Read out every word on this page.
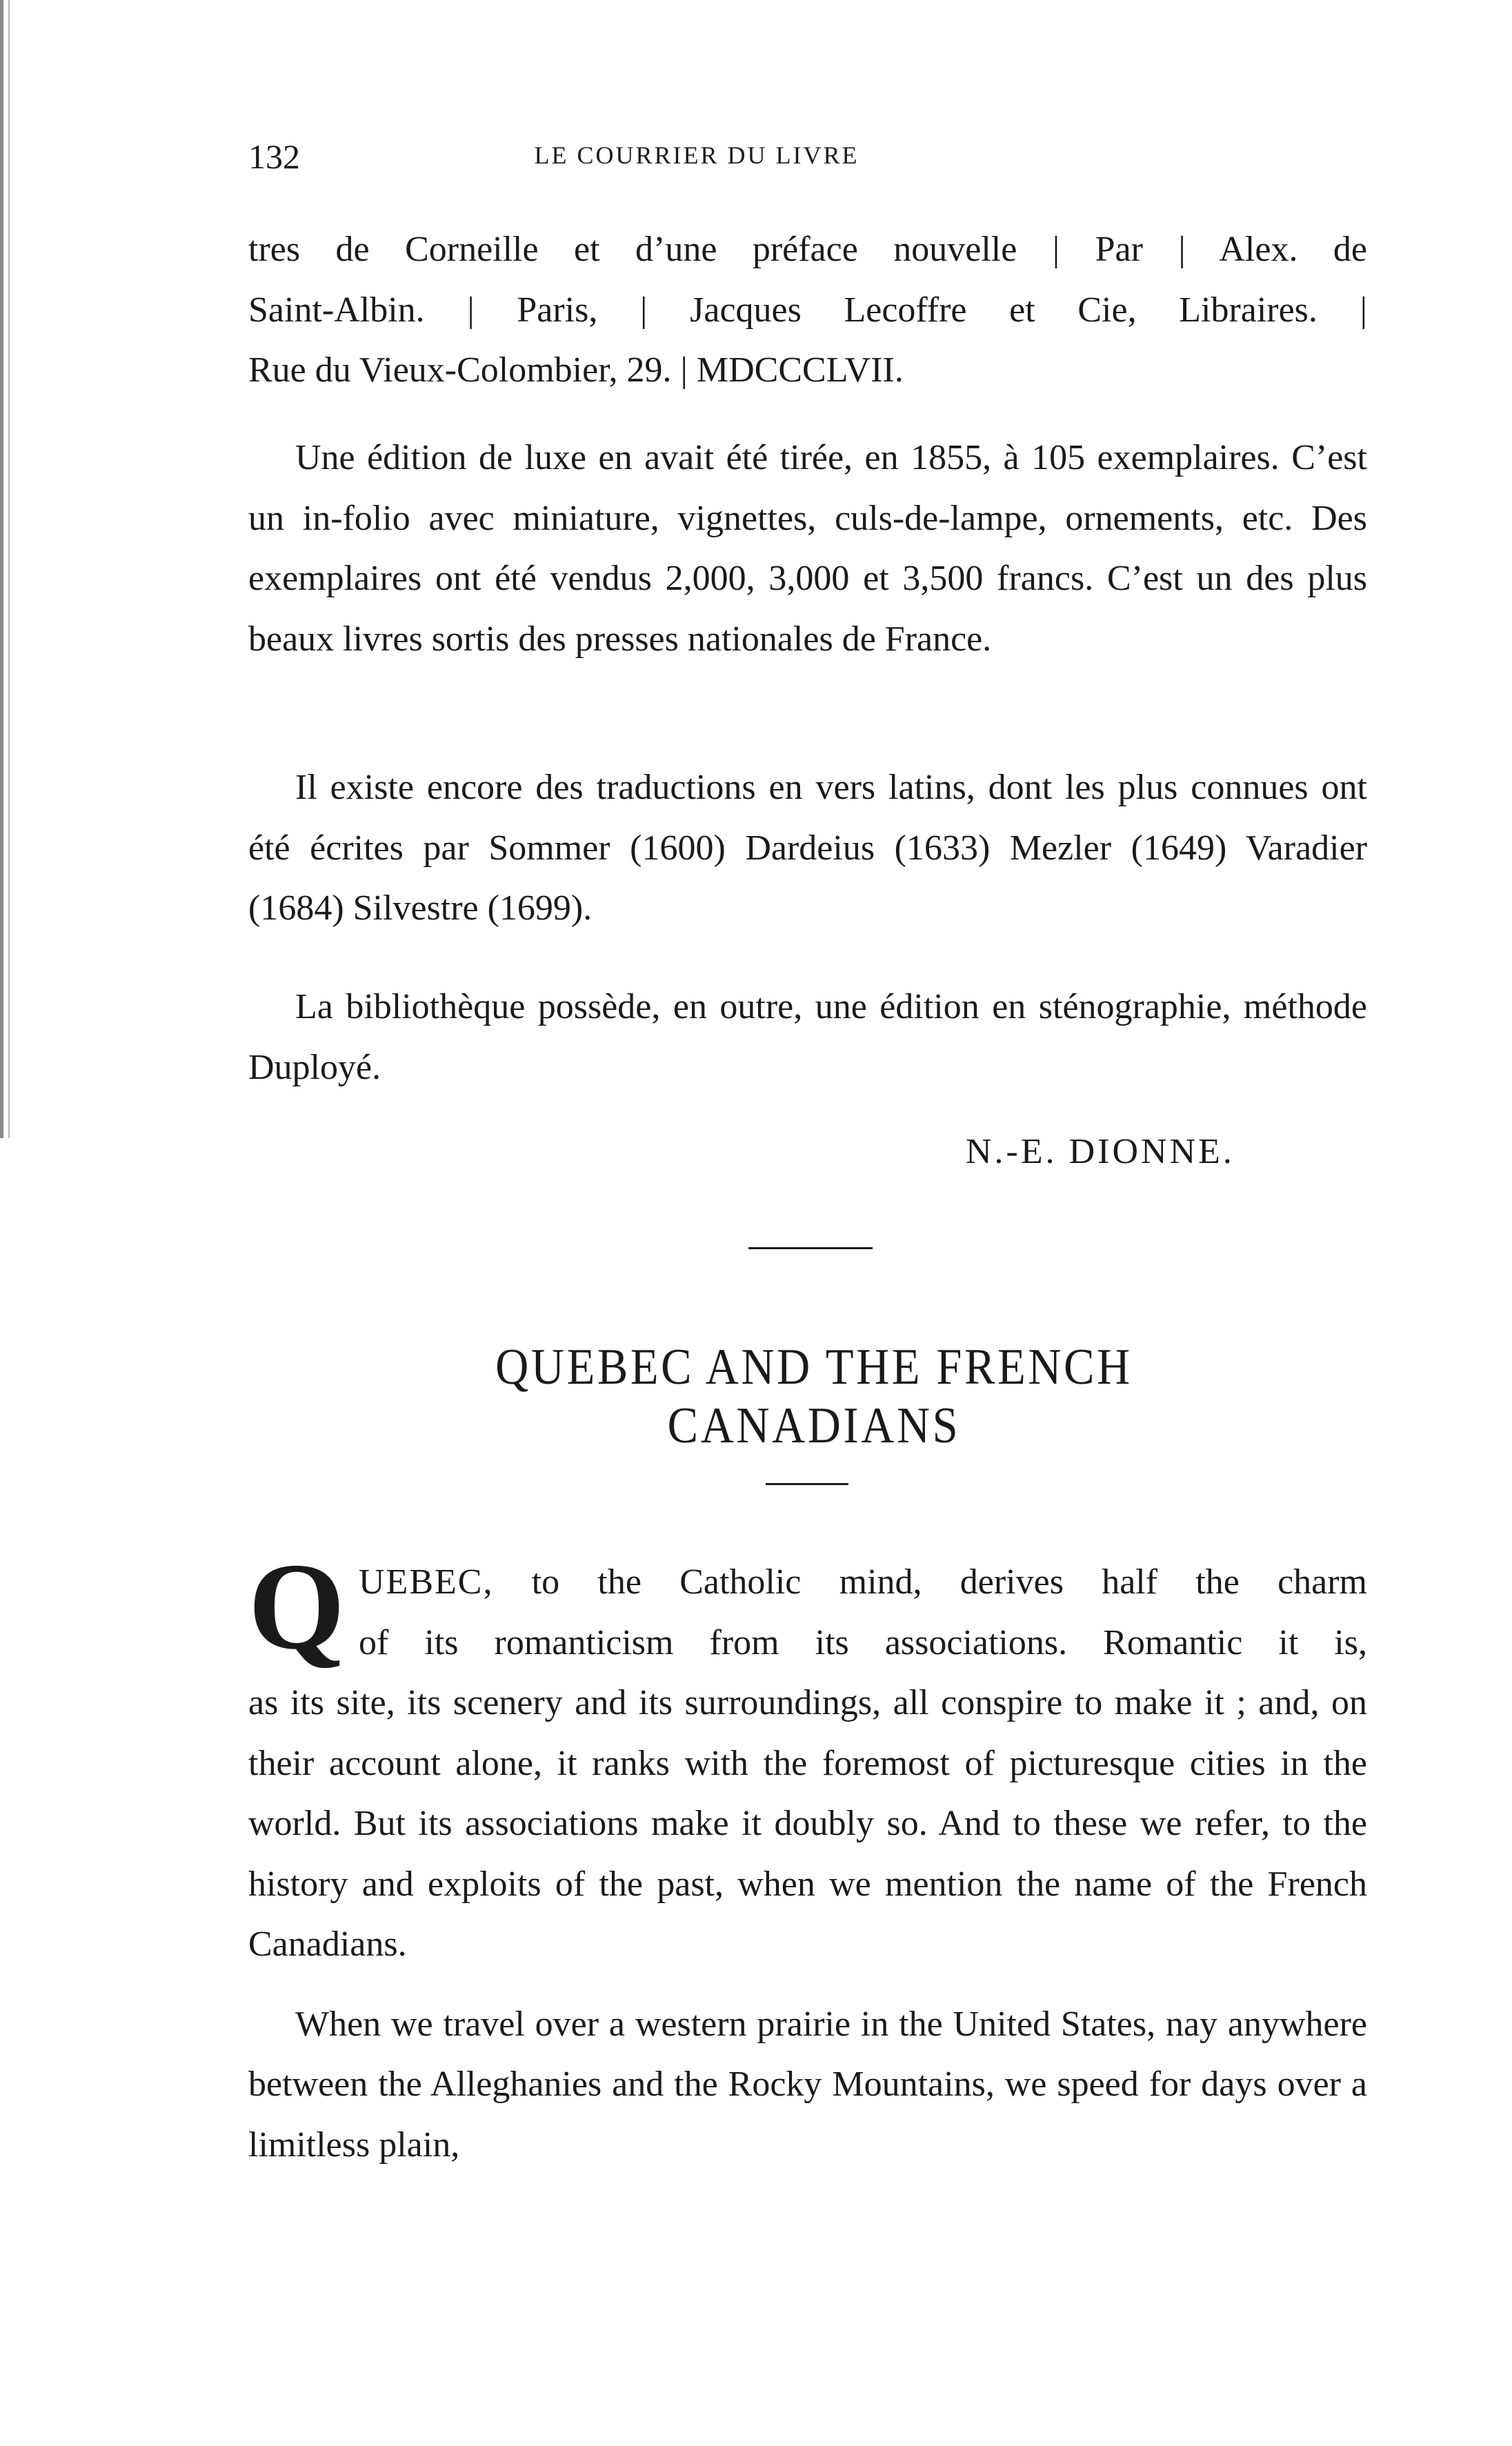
132	LE COURRIER DU LIVRE
tres de Corneille et d’une préface nouvelle | Par | Alex. de
Saint-Albin. | Paris, | Jacques Lecoffre et Cie, Libraires. |
Rue du Vieux-Colombier, 29. | MDCCCLVII.

Une édition de luxe en avait été tirée, en 1855, à 105 exemplaires. C’est un in-folio avec miniature, vignettes, culs-de-lampe, ornements, etc. Des exemplaires ont été vendus 2,000, 3,000 et 3,500 francs. C’est un des plus beaux livres sortis des presses nationales de France.

Il existe encore des traductions en vers latins, dont les plus connues ont été écrites par Sommer (1600) Dardeius (1633) Mezler (1649) Varadier (1684) Silvestre (1699).

La bibliothèque possède, en outre, une édition en sténographie, méthode Duployé.

N.-E. DIONNE.
QUEBEC AND THE FRENCH CANADIANS
Q UEBEC, to the Catholic mind, derives half the charm
of its romanticism from its associations. Romantic it is,

as its site, its scenery and its surroundings, all conspire to make it ; and, on their account alone, it ranks with the foremost of picturesque cities in the world. But its associations make it doubly so. And to these we refer, to the history and exploits of the past, when we mention the name of the French Canadians.

When we travel over a western prairie in the United States, nay anywhere between the Alleghanies and the Rocky Mountains, we speed for days over a limitless plain,
